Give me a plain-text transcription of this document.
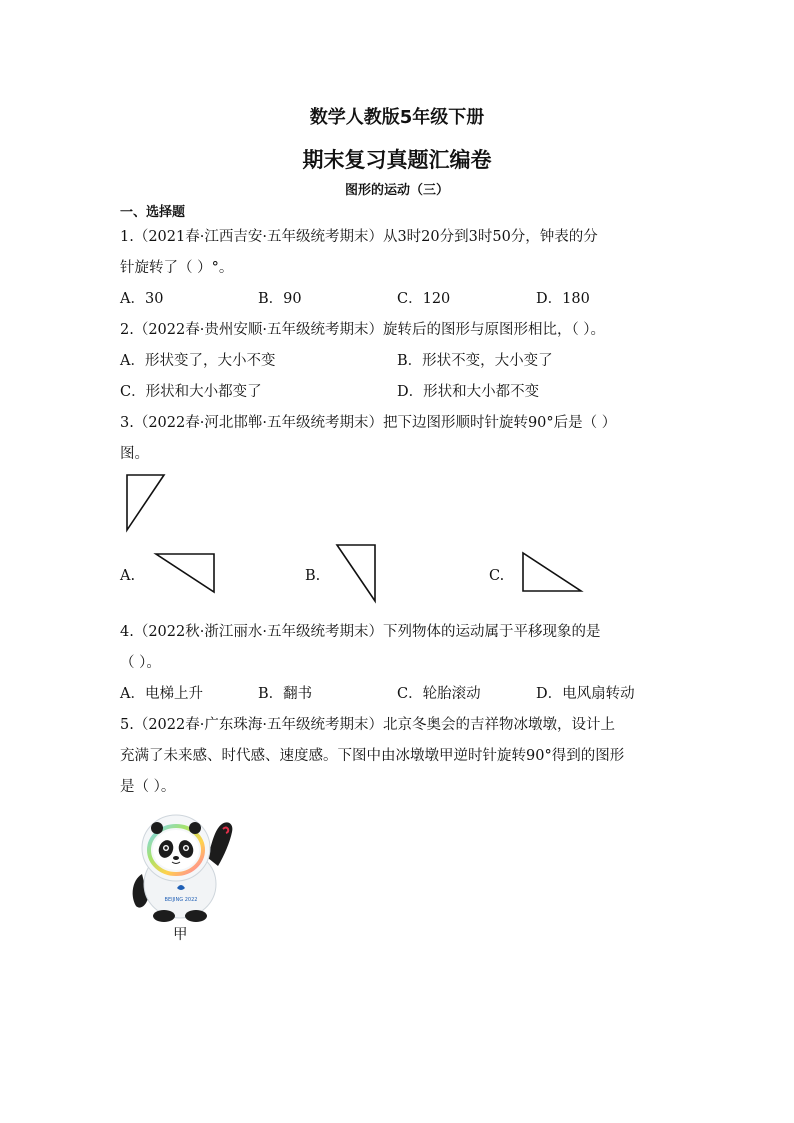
数学人教版5年级下册
期末复习真题汇编卷
图形的运动（三）
一、选择题
1.（2021春·江西吉安·五年级统考期末）从3时20分到3时50分，钟表的分
针旋转了（ ）°。
A．30	B．90	C．120	D．180
2.（2022春·贵州安顺·五年级统考期末）旋转后的图形与原图形相比，（ ）。
A．形状变了，大小不变	B．形状不变，大小变了
C．形状和大小都变了	D．形状和大小都不变
3.（2022春·河北邯郸·五年级统考期末）把下边图形顺时针旋转90°后是（ ）
图。
A.	B.	C.
4.（2022秋·浙江丽水·五年级统考期末）下列物体的运动属于平移现象的是
（ ）。
A．电梯上升	B．翻书	C．轮胎滚动	D．电风扇转动
5.（2022春·广东珠海·五年级统考期末）北京冬奥会的吉祥物冰墩墩，设计上
充满了未来感、时代感、速度感。下图中由冰墩墩甲逆时针旋转90°得到的图形
是（ ）。
BEIJING 2022
甲
